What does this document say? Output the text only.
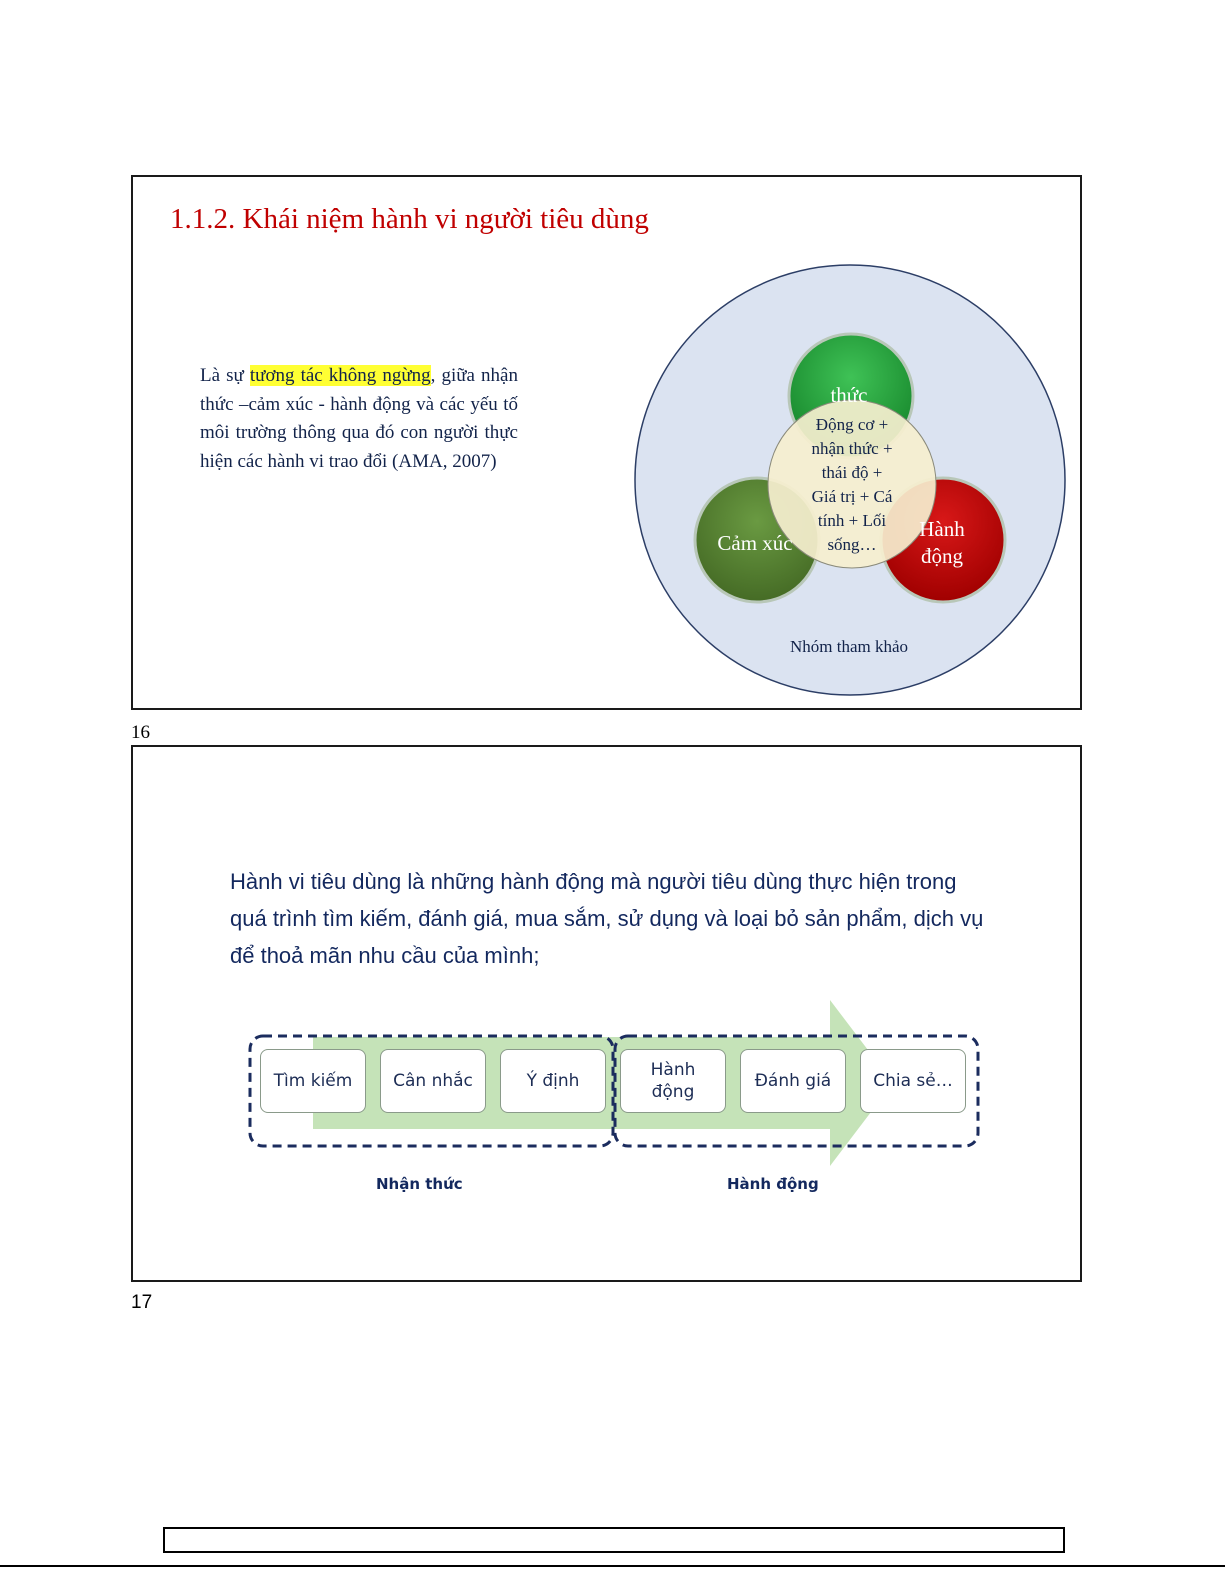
1.1.2. Khái niệm hành vi người tiêu dùng
Là sự tương tác không ngừng, giữa nhận thức –cảm xúc - hành động và các yếu tố môi trường thông qua đó con người thực hiện các hành vi trao đổi (AMA, 2007)
thức
Cảm xúc
Hành
động
Động cơ +
nhận thức +
thái độ +
Giá trị + Cá
tính + Lối
sống…
Nhóm tham khảo
16
Hành vi tiêu dùng là những hành động mà người tiêu dùng thực hiện trong quá trình tìm kiếm, đánh giá, mua sắm, sử dụng và loại bỏ sản phẩm, dịch vụ để thoả mãn nhu cầu của mình;
Tìm kiếm	Cân nhắc	Ý định
Hành động
Đánh giá	Chia sẻ…
Nhận thức	Hành động
17
